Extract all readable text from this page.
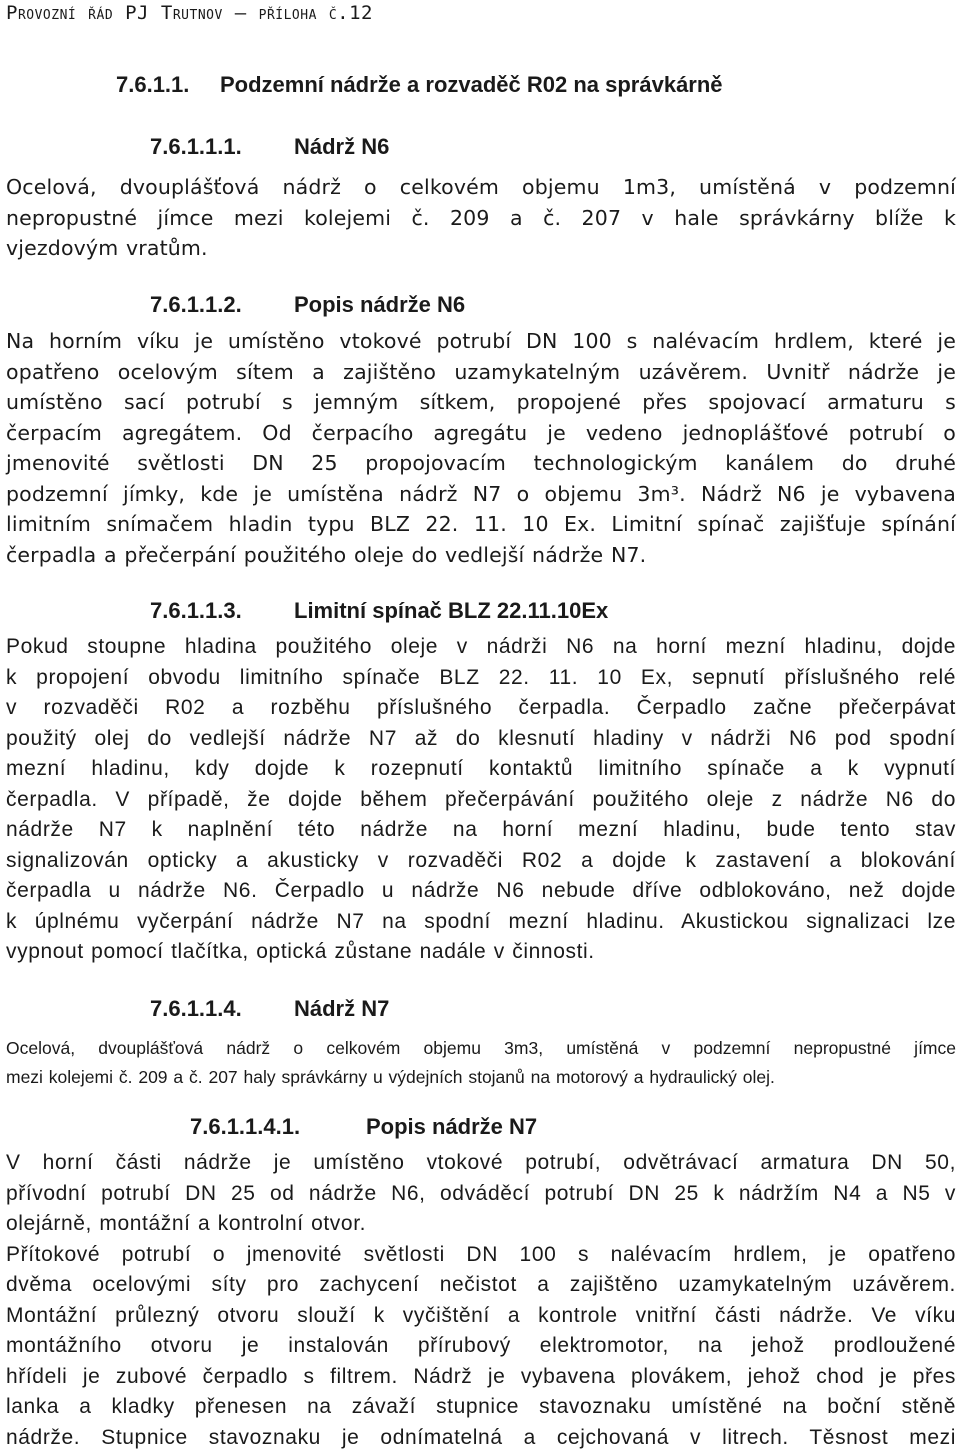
Provozní řád PJ Trutnov – příloha č.12
7.6.1.1. Podzemní nádrže a rozvaděč R02 na správkárně
7.6.1.1.1. Nádrž N6
Ocelová, dvouplášťová nádrž o celkovém objemu 1m3, umístěná v podzemní
nepropustné jímce mezi kolejemi č. 209 a č. 207 v hale správkárny blíže k
vjezdovým vratům.
7.6.1.1.2. Popis nádrže N6
Na horním víku je umístěno vtokové potrubí DN 100 s nalévacím hrdlem, které je
opatřeno ocelovým sítem a zajištěno uzamykatelným uzávěrem. Uvnitř nádrže je
umístěno sací potrubí s jemným sítkem, propojené přes spojovací armaturu s
čerpacím agregátem. Od čerpacího agregátu je vedeno jednoplášťové potrubí o
jmenovité světlosti DN 25 propojovacím technologickým kanálem do druhé
podzemní jímky, kde je umístěna nádrž N7 o objemu 3m³. Nádrž N6 je vybavena
limitním snímačem hladin typu BLZ 22. 11. 10 Ex. Limitní spínač zajišťuje spínání
čerpadla a přečerpání použitého oleje do vedlejší nádrže N7.
7.6.1.1.3. Limitní spínač BLZ 22.11.10Ex
Pokud stoupne hladina použitého oleje v nádrži N6 na horní mezní hladinu, dojde
k propojení obvodu limitního spínače BLZ 22. 11. 10 Ex, sepnutí příslušného relé
v rozvaděči R02 a rozběhu příslušného čerpadla. Čerpadlo začne přečerpávat
použitý olej do vedlejší nádrže N7 až do klesnutí hladiny v nádrži N6 pod spodní
mezní hladinu, kdy dojde k rozepnutí kontaktů limitního spínače a k vypnutí
čerpadla. V případě, že dojde během přečerpávání použitého oleje z nádrže N6 do
nádrže N7 k naplnění této nádrže na horní mezní hladinu, bude tento stav
signalizován opticky a akusticky v rozvaděči R02 a dojde k zastavení a blokování
čerpadla u nádrže N6. Čerpadlo u nádrže N6 nebude dříve odblokováno, než dojde
k úplnému vyčerpání nádrže N7 na spodní mezní hladinu. Akustickou signalizaci lze
vypnout pomocí tlačítka, optická zůstane nadále v činnosti.
7.6.1.1.4. Nádrž N7
Ocelová, dvouplášťová nádrž o celkovém objemu 3m3, umístěná v podzemní nepropustné jímce
mezi kolejemi č. 209 a č. 207 haly správkárny u výdejních stojanů na motorový a hydraulický olej.
7.6.1.1.4.1.	Popis nádrže N7
V horní části nádrže je umístěno vtokové potrubí, odvětrávací armatura DN 50,
přívodní potrubí DN 25 od nádrže N6, odváděcí potrubí DN 25 k nádržím N4 a N5 v
olejárně, montážní a kontrolní otvor.
Přítokové potrubí o jmenovité světlosti DN 100 s nalévacím hrdlem, je opatřeno
dvěma ocelovými síty pro zachycení nečistot a zajištěno uzamykatelným uzávěrem.
Montážní průlezný otvoru slouží k vyčištění a kontrole vnitřní části nádrže. Ve víku
montážního otvoru je instalován přírubový elektromotor, na jehož prodloužené
hřídeli je zubové čerpadlo s filtrem. Nádrž je vybavena plovákem, jehož chod je přes
lanka a kladky přenesen na závaží stupnice stavoznaku umístěné na boční stěně
nádrže. Stupnice stavoznaku je odnímatelná a cejchovaná v litrech. Těsnost mezi
